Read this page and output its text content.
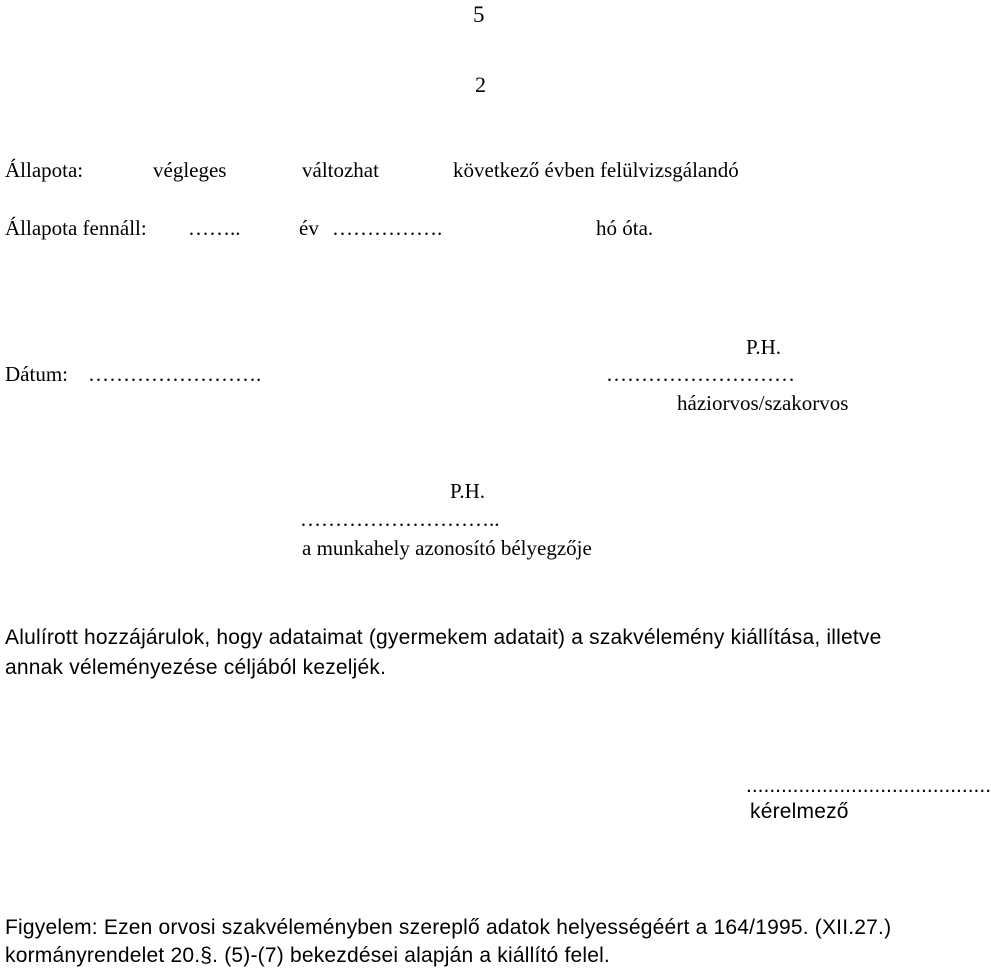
5
2
Állapota:	végleges	változhat	következő évben felülvizsgálandó
Állapota fennáll: ……..	év …………….	hó óta.
P.H.
Dátum: …………………….	………………………
háziorvos/szakorvos
P.H.
………………………..
a munkahely azonosító bélyegzője
Alulírott hozzájárulok, hogy adataimat (gyermekem adatait) a szakvélemény kiállítása, illetve
annak véleményezése céljából kezeljék.
..........................................
kérelmező
Figyelem: Ezen orvosi szakvéleményben szereplő adatok helyességéért a 164/1995. (XII.27.)
kormányrendelet 20.§. (5)-(7) bekezdései alapján a kiállító felel.
